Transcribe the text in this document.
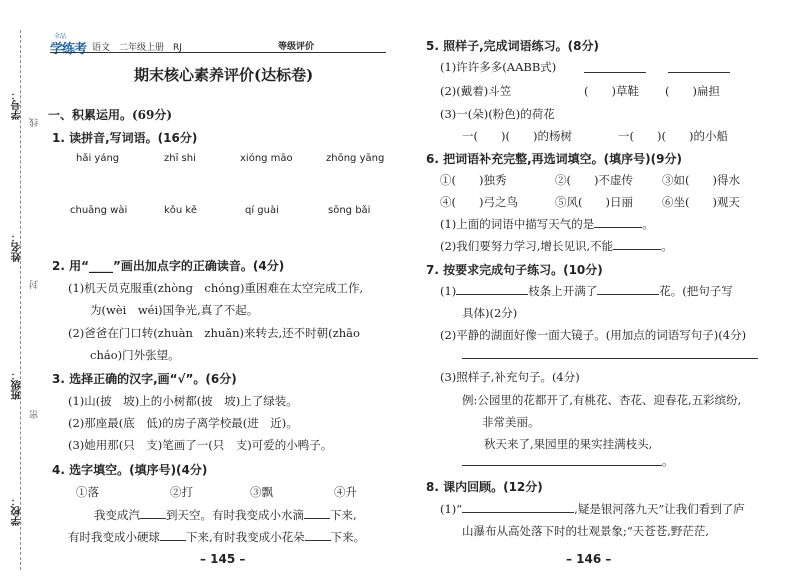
学号：
姓名：
班级：
学校：
线
封
密
全品
学练考 语文　二年级上册　RJ	等级评价
期末核心素养评价(达标卷)
一、积累运用。(69分)
1. 读拼音,写词语。(16分)
hǎi yáng	zhī shi	xióng māo	zhōng yāng
chuāng wài	kǒu kě	qí guài	sōng bǎi
2. 用“____”画出加点字的正确读音。(4分)
(1)机天员克服重(zhòng　chóng)重困难在太空完成工作,
为(wèi　wéi)国争光,真了不起。
(2)爸爸在门口转(zhuàn　zhuǎn)来转去,还不时朝(zhāo
cháo)门外张望。
3. 选择正确的汉字,画“√”。(6分)
(1)山(披　坡)上的小树都(披　坡)上了绿装。
(2)那座最(底　低)的房子离学校最(进　近)。
(3)她用那(只　支)笔画了一(只　支)可爱的小鸭子。
4. 选字填空。(填序号)(4分)
①落	②打	③飘	④升
我变成汽 到天空。有时我变成小水滴 下来,
有时我变成小硬球 下来,有时我变成小花朵 下来。
– 145 –
5. 照样子,完成词语练习。(8分)
(1)许许多多(AABB式)
(2)(戴着)斗笠	(　　)草鞋 (　　)扁担
(3)一(朵)(粉色)的荷花
一(　　)(　　)的杨树	一(　　)(　　)的小船
6. 把词语补充完整,再选词填空。(填序号)(9分)
①(　　)独秀	②(　　)不虚传	③如(　　)得水
④(　　)弓之鸟	⑤风(　　)日丽	⑥坐(　　)观天
(1)上面的词语中描写天气的是	。
(2)我们要努力学习,增长见识,不能	。
7. 按要求完成句子练习。(10分)
(1)	枝条上开满了	花。(把句子写
具体)(2分)
(2)平静的湖面好像一面大镜子。(用加点的词语写句子)(4分)
(3)照样子,补充句子。(4分)
例:公园里的花都开了,有桃花、杏花、迎春花,五彩缤纷,
非常美丽。
秋天来了,果园里的果实挂满枝头,
。
8. 课内回顾。(12分)
(1)“	,疑是银河落九天”让我们看到了庐
山瀑布从高处落下时的壮观景象;“天苍苍,野茫茫,
– 146 –
